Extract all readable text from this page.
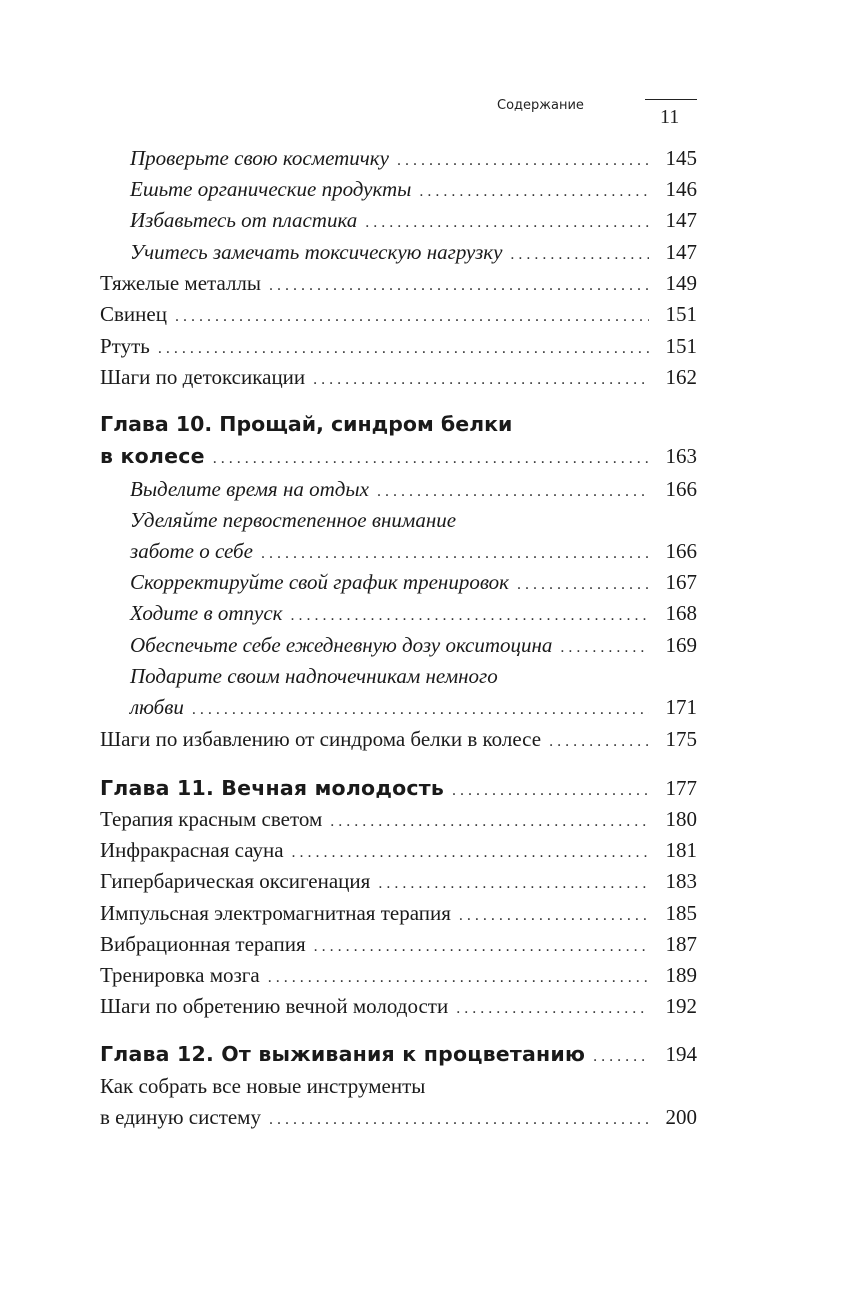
Содержание
11
Проверьте свою косметичку . . .	145
Ешьте органические продукты . . .	146
Избавьтесь от пластика . . .	147
Учитесь замечать токсическую нагрузку . . .	147
Тяжелые металлы . . .	149
Свинец . . .	151
Ртуть . . .	151
Шаги по детоксикации . . .	162
Глава 10. Прощай, синдром белки
в колесе . . .	163
Выделите время на отдых . . .	166
Уделяйте первостепенное внимание
заботе о себе . . .	166
Скорректируйте свой график тренировок . . .	167
Ходите в отпуск . . .	168
Обеспечьте себе ежедневную дозу окситоцина . . .	169
Подарите своим надпочечникам немного
любви . . .	171
Шаги по избавлению от синдрома белки в колесе . . .	175
Глава 11. Вечная молодость . . .	177
Терапия красным светом . . .	180
Инфракрасная сауна . . .	181
Гипербарическая оксигенация . . .	183
Импульсная электромагнитная терапия . . .	185
Вибрационная терапия . . .	187
Тренировка мозга . . .	189
Шаги по обретению вечной молодости . . .	192
Глава 12. От выживания к процветанию . . .	194
Как собрать все новые инструменты
в единую систему . . .	200
